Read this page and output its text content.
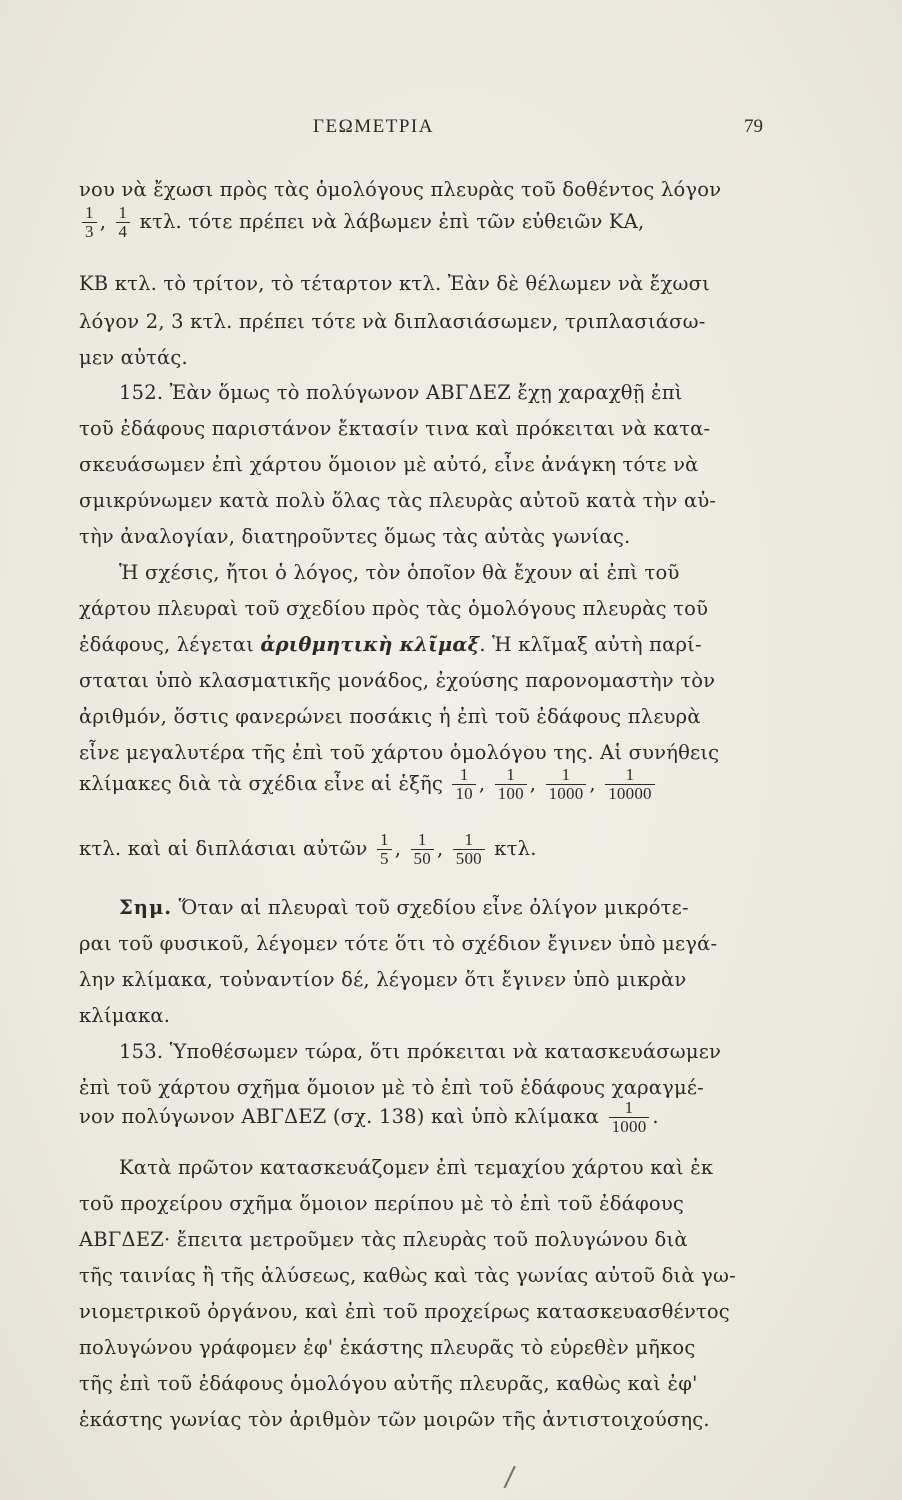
ΓΕΩΜΕΤΡΙΑ	79
νου νὰ ἔχωσι πρὸς τὰς ὁμολόγους πλευρὰς τοῦ δοθέντος λόγον
$\frac{1}{3}$ , $\frac{1}{4} \kappa\tau\lambda$. τότε πρέπει νὰ λάβωμεν ἐπὶ τῶν εὐθειῶν ΚΑ,
ΚΒ κτλ. τὸ τρίτον, τὸ τέταρτον κτλ. Ἐὰν δὲ θέλωμεν νὰ ἔχωσι
λόγον 2, 3 κτλ. πρέπει τότε νὰ διπλασιάσωμεν, τριπλασιάσω-
μεν αὐτάς.
152. Ἐὰν ὅμως τὸ πολύγωνον ΑΒΓΔΕΖ ἔχῃ χαραχθῇ ἐπὶ
τοῦ ἐδάφους παριστάνον ἔκτασίν τινα καὶ πρόκειται νὰ κατα-
σκευάσωμεν ἐπὶ χάρτου ὅμοιον μὲ αὐτό, εἶνε ἀνάγκη τότε νὰ
σμικρύνωμεν κατὰ πολὺ ὅλας τὰς πλευρὰς αὐτοῦ κατὰ τὴν αὐ-
τὴν ἀναλογίαν, διατηροῦντες ὅμως τὰς αὐτὰς γωνίας.
Ἡ σχέσις, ἤτοι ὁ λόγος, τὸν ὁποῖον θὰ ἔχουν αἱ ἐπὶ τοῦ
χάρτου πλευραὶ τοῦ σχεδίου πρὸς τὰς ὁμολόγους πλευρὰς τοῦ
ἐδάφους, λέγεται ἀριθμητικὴ κλῖμαξ. Ἡ κλῖμαξ αὐτὴ παρί-
σταται ὑπὸ κλασματικῆς μονάδος, ἐχούσης παρονομαστὴν τὸν
ἀριθμόν, ὅστις φανερώνει ποσάκις ἡ ἐπὶ τοῦ ἐδάφους πλευρὰ
εἶνε μεγαλυτέρα τῆς ἐπὶ τοῦ χάρτου ὁμολόγου της. Αἱ συνήθεις
κλίμακες διὰ τὰ σχέδια εἶνε αἱ ἑξῆς $\frac{1}{10}$ , $\frac{1}{100}$ , $\frac{1}{1000}$ , $\frac{1}{10000}$
κτλ. καὶ αἱ διπλάσιαι αὐτῶν $\frac{1}{5}$ , $\frac{1}{50}$ , $\frac{1}{500} \kappa\tau\lambda$.
Σημ. Ὅταν αἱ πλευραὶ τοῦ σχεδίου εἶνε ὀλίγον μικρότε-
ραι τοῦ φυσικοῦ, λέγομεν τότε ὅτι τὸ σχέδιον ἔγινεν ὑπὸ μεγά-
λην κλίμακα, τοὐναντίον δέ, λέγομεν ὅτι ἔγινεν ὑπὸ μικρὰν
κλίμακα.
153. Ὑποθέσωμεν τώρα, ὅτι πρόκειται νὰ κατασκευάσωμεν
ἐπὶ τοῦ χάρτου σχῆμα ὅμοιον μὲ τὸ ἐπὶ τοῦ ἐδάφους χαραγμέ-
νον πολύγωνον ΑΒΓΔΕΖ (σχ. 138) καὶ ὑπὸ κλίμακα $\frac{1}{1000}$ .
Κατὰ πρῶτον κατασκευάζομεν ἐπὶ τεμαχίου χάρτου καὶ ἐκ
τοῦ προχείρου σχῆμα ὅμοιον περίπου μὲ τὸ ἐπὶ τοῦ ἐδάφους
ΑΒΓΔΕΖ· ἔπειτα μετροῦμεν τὰς πλευρὰς τοῦ πολυγώνου διὰ
τῆς ταινίας ἢ τῆς ἁλύσεως, καθὼς καὶ τὰς γωνίας αὐτοῦ διὰ γω-
νιομετρικοῦ ὀργάνου, καὶ ἐπὶ τοῦ προχείρως κατασκευασθέντος
πολυγώνου γράφομεν ἐφ' ἑκάστης πλευρᾶς τὸ εὑρεθὲν μῆκος
τῆς ἐπὶ τοῦ ἐδάφους ὁμολόγου αὐτῆς πλευρᾶς, καθὼς καὶ ἐφ'
ἑκάστης γωνίας τὸν ἀριθμὸν τῶν μοιρῶν τῆς ἀντιστοιχούσης.
/
